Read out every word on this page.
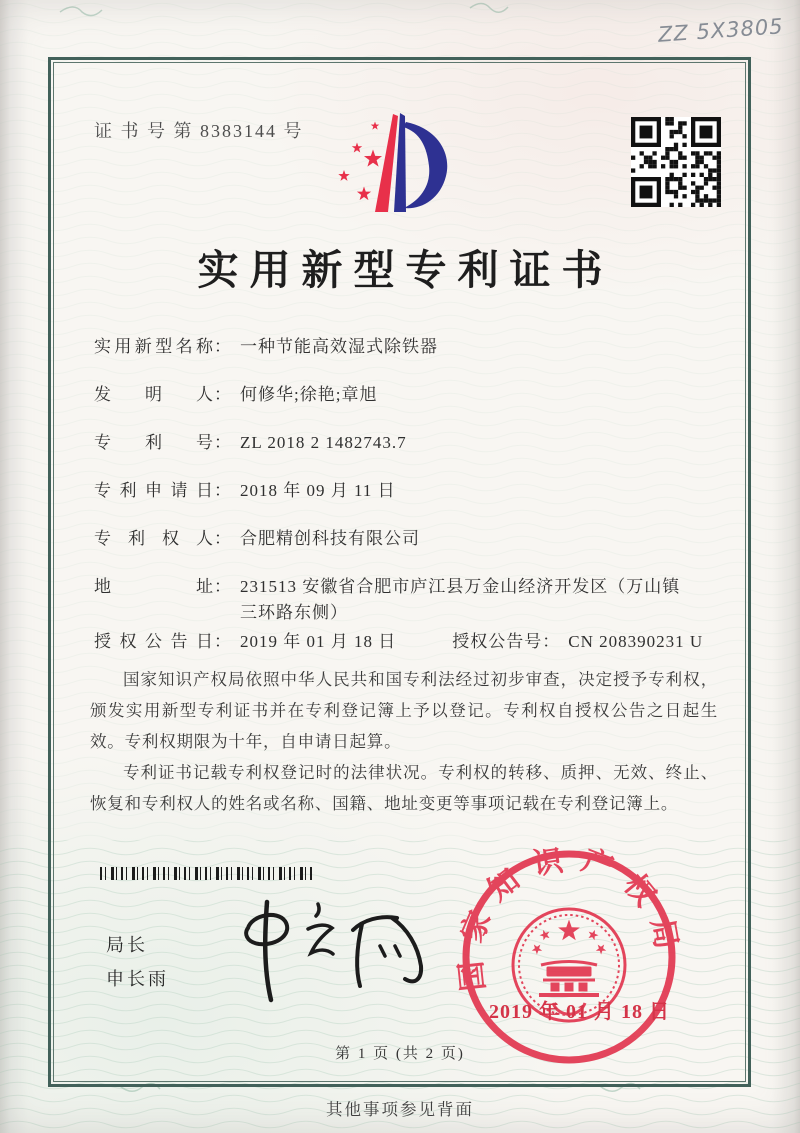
ZZ 5X3805
证 书 号 第 8383144 号
实用新型专利证书
实用新型名称 ： 一种节能高效湿式除铁器
发明人 ： 何修华;徐艳;章旭
专利号 ： ZL 2018 2 1482743.7
专利申请日 ： 2018 年 09 月 11 日
专利权人 ： 合肥精创科技有限公司
地址 ： 231513 安徽省合肥市庐江县万金山经济开发区（万山镇三环路东侧）
授权公告日 ： 2019 年 01 月 18 日	授权公告号 ： CN 208390231 U

国家知识产权局依照中华人民共和国专利法经过初步审查，决定授予专利权，颁发实用新型专利证书并在专利登记簿上予以登记。专利权自授权公告之日起生效。专利权期限为十年，自申请日起算。

专利证书记载专利权登记时的法律状况。专利权的转移、质押、无效、终止、恢复和专利权人的姓名或名称、国籍、地址变更等事项记载在专利登记簿上。

局长
申长雨	国家知识产权局
2019 年 01 月 18 日
第 1 页 (共 2 页)
其他事项参见背面
